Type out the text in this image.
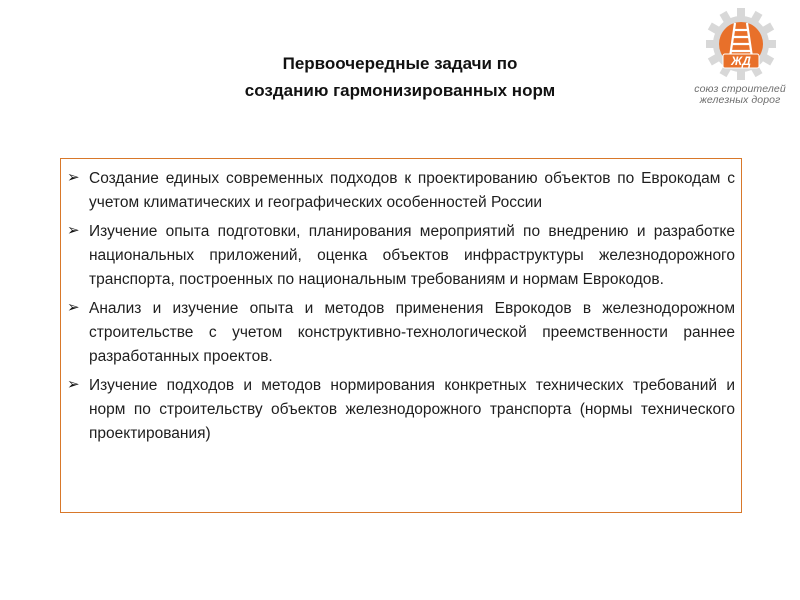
Первоочередные задачи по
созданию гармонизированных норм
ЖД
союз строителей
железных дорог
➢ Создание единых современных подходов к проектированию объектов по Еврокодам с учетом климатических и географических особенностей России
➢ Изучение опыта подготовки, планирования мероприятий по внедрению и разработке национальных приложений, оценка объектов инфраструктуры железнодорожного транспорта, построенных по национальным требованиям и нормам Еврокодов.
➢ Анализ и изучение опыта и методов применения Еврокодов в железнодорожном строительстве с учетом конструктивно-технологической преемственности раннее разработанных проектов.
➢ Изучение подходов и методов нормирования конкретных технических требований и норм по строительству объектов железнодорожного транспорта (нормы технического проектирования)
